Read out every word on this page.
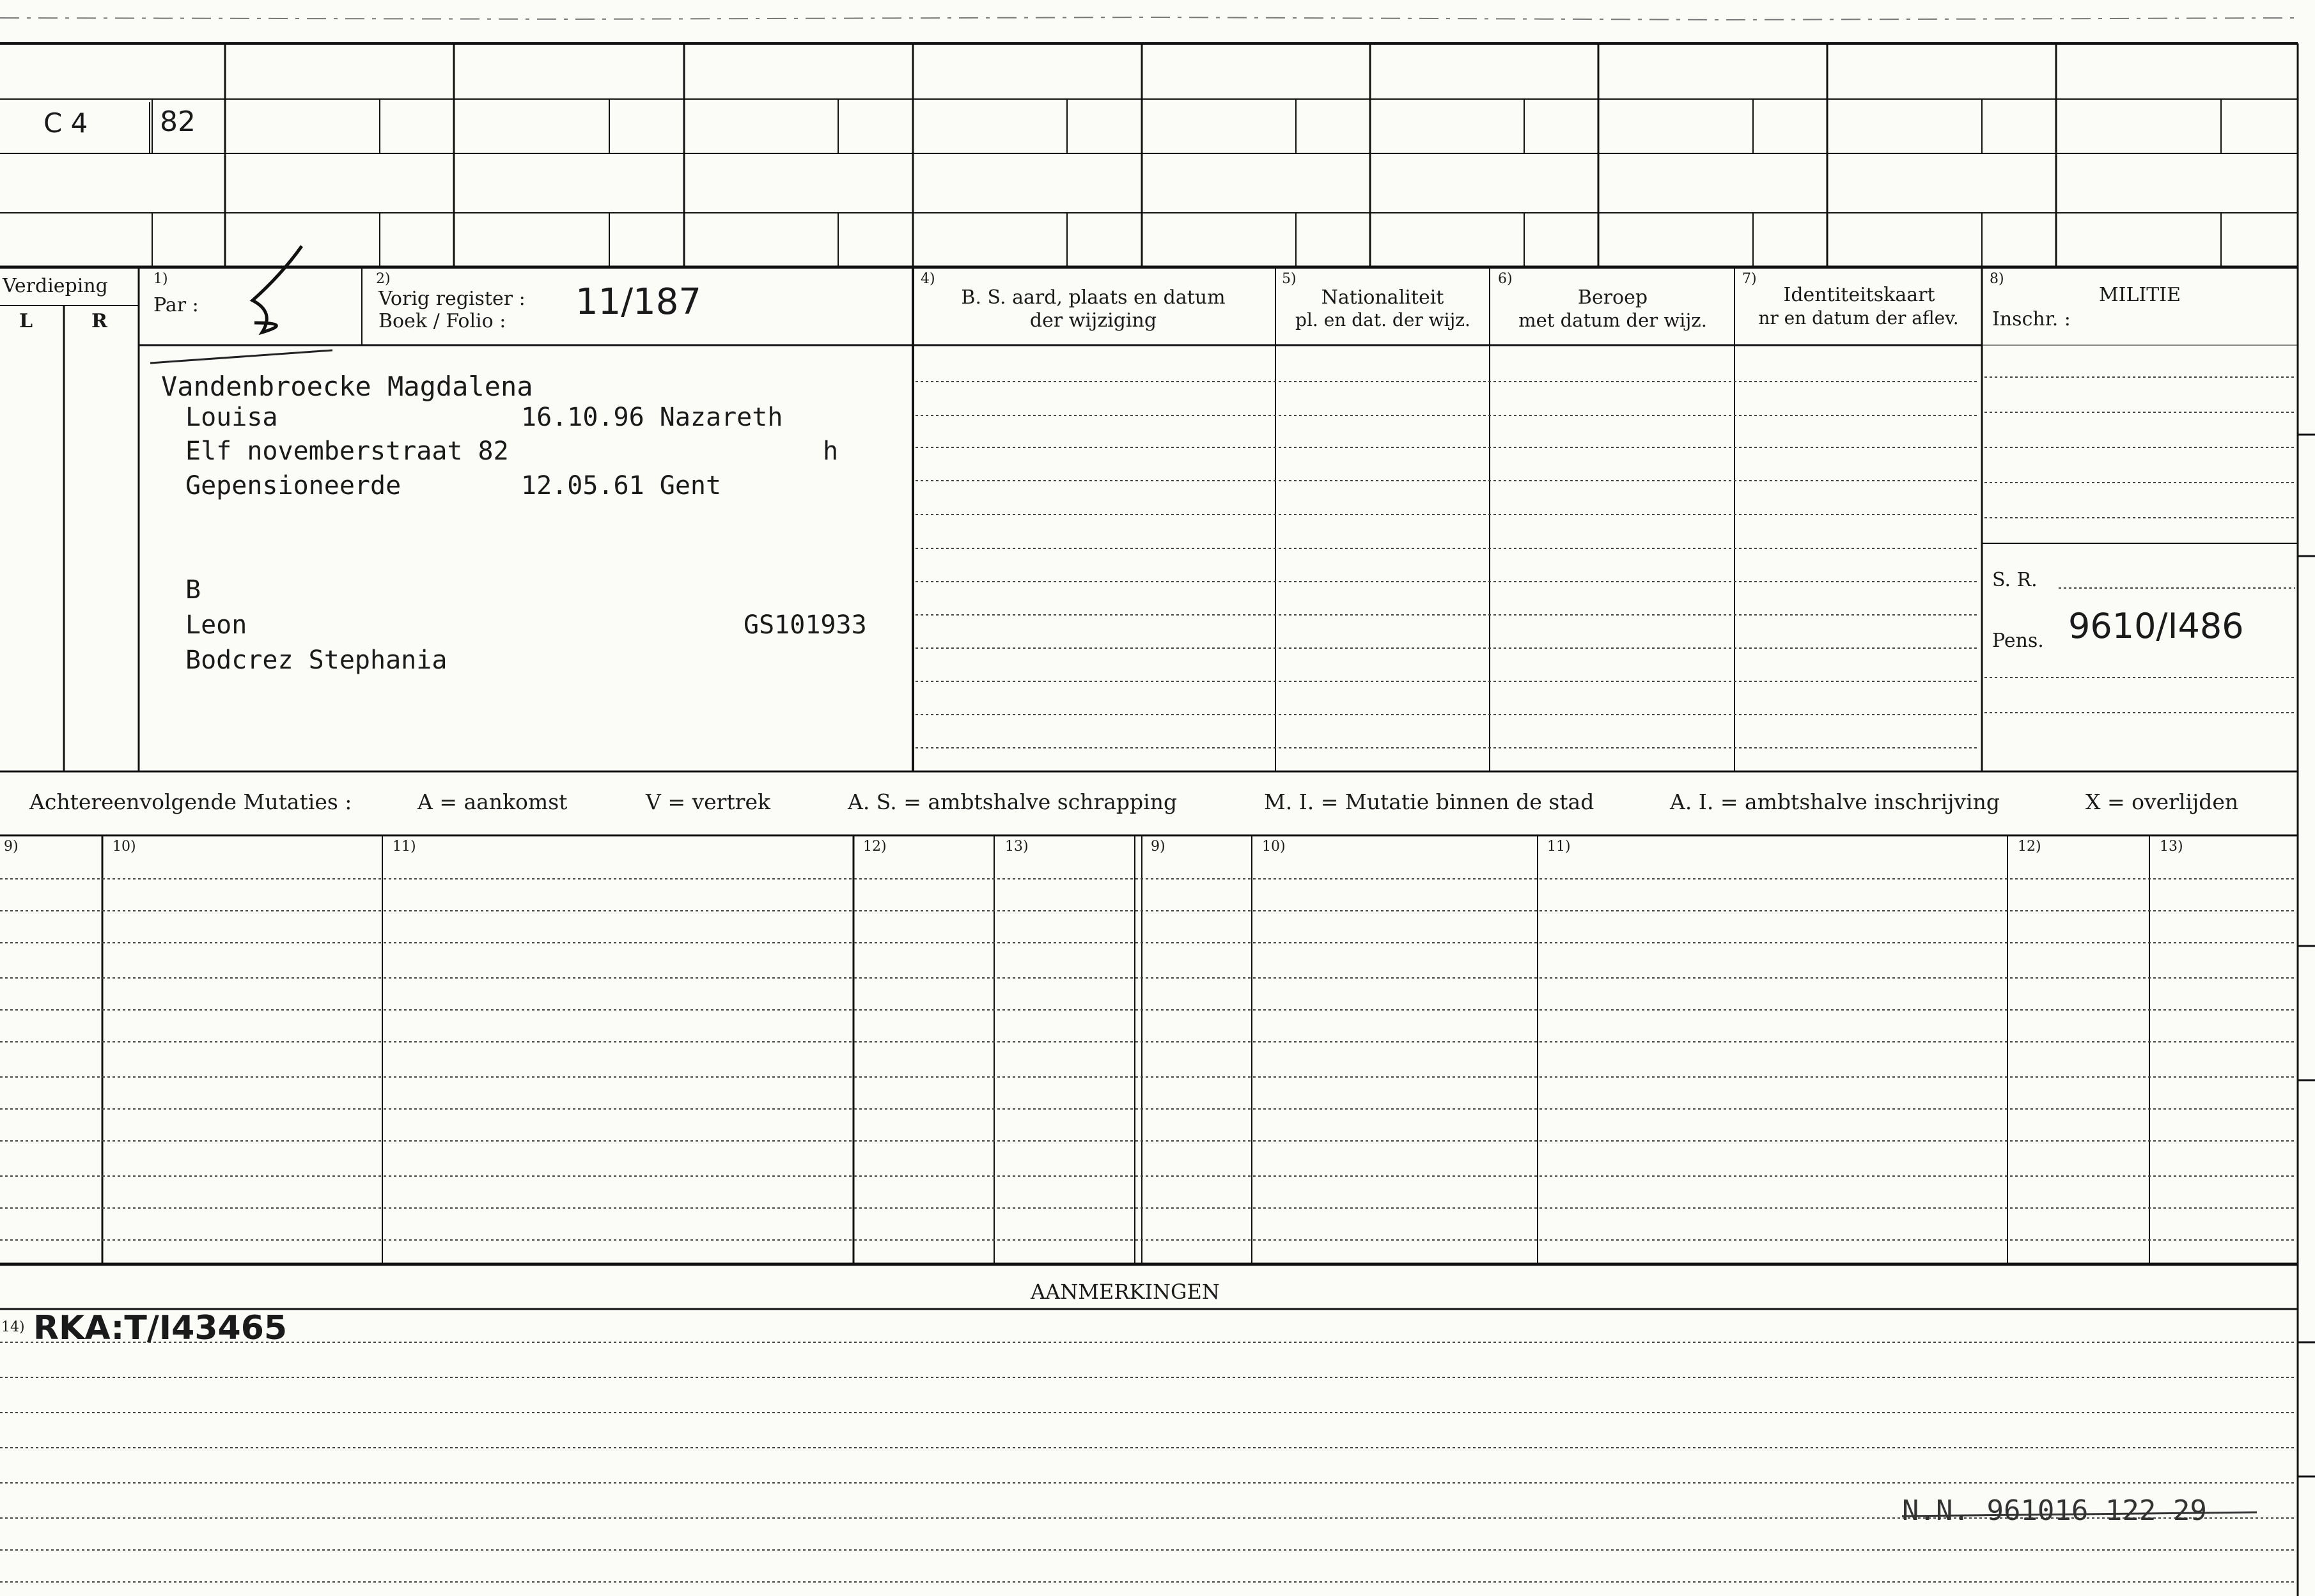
C 4	82
Verdieping
L	R
1)
Par :
2)
Vorig register :
Boek / Folio : 11/187
4)
B. S. aard, plaats en datum
der wijziging
5)
Nationaliteit
pl. en dat. der wijz.
6)
Beroep
met datum der wijz.
7)
Identiteitskaart
nr en datum der aflev.
8)
MILITIE
Inschr. :
S. R.
Pens. 9610/I486
Vandenbroecke Magdalena
Louisa	16.10.96 Nazareth
Elf novemberstraat 82	h
Gepensioneerde	12.05.61 Gent
B
Leon	GS101933
Bodcrez Stephania
Achtereenvolgende Mutaties :	A = aankomst	V = vertrek	A. S. = ambtshalve schrapping	M. I. = Mutatie binnen de stad	A. I. = ambtshalve inschrijving	X = overlijden
9)	10)	11)	12)	13)	9)	10)	11)	12)	13)
AANMERKINGEN
14) RKA:T/I43465
N.N. 961016 122 29
